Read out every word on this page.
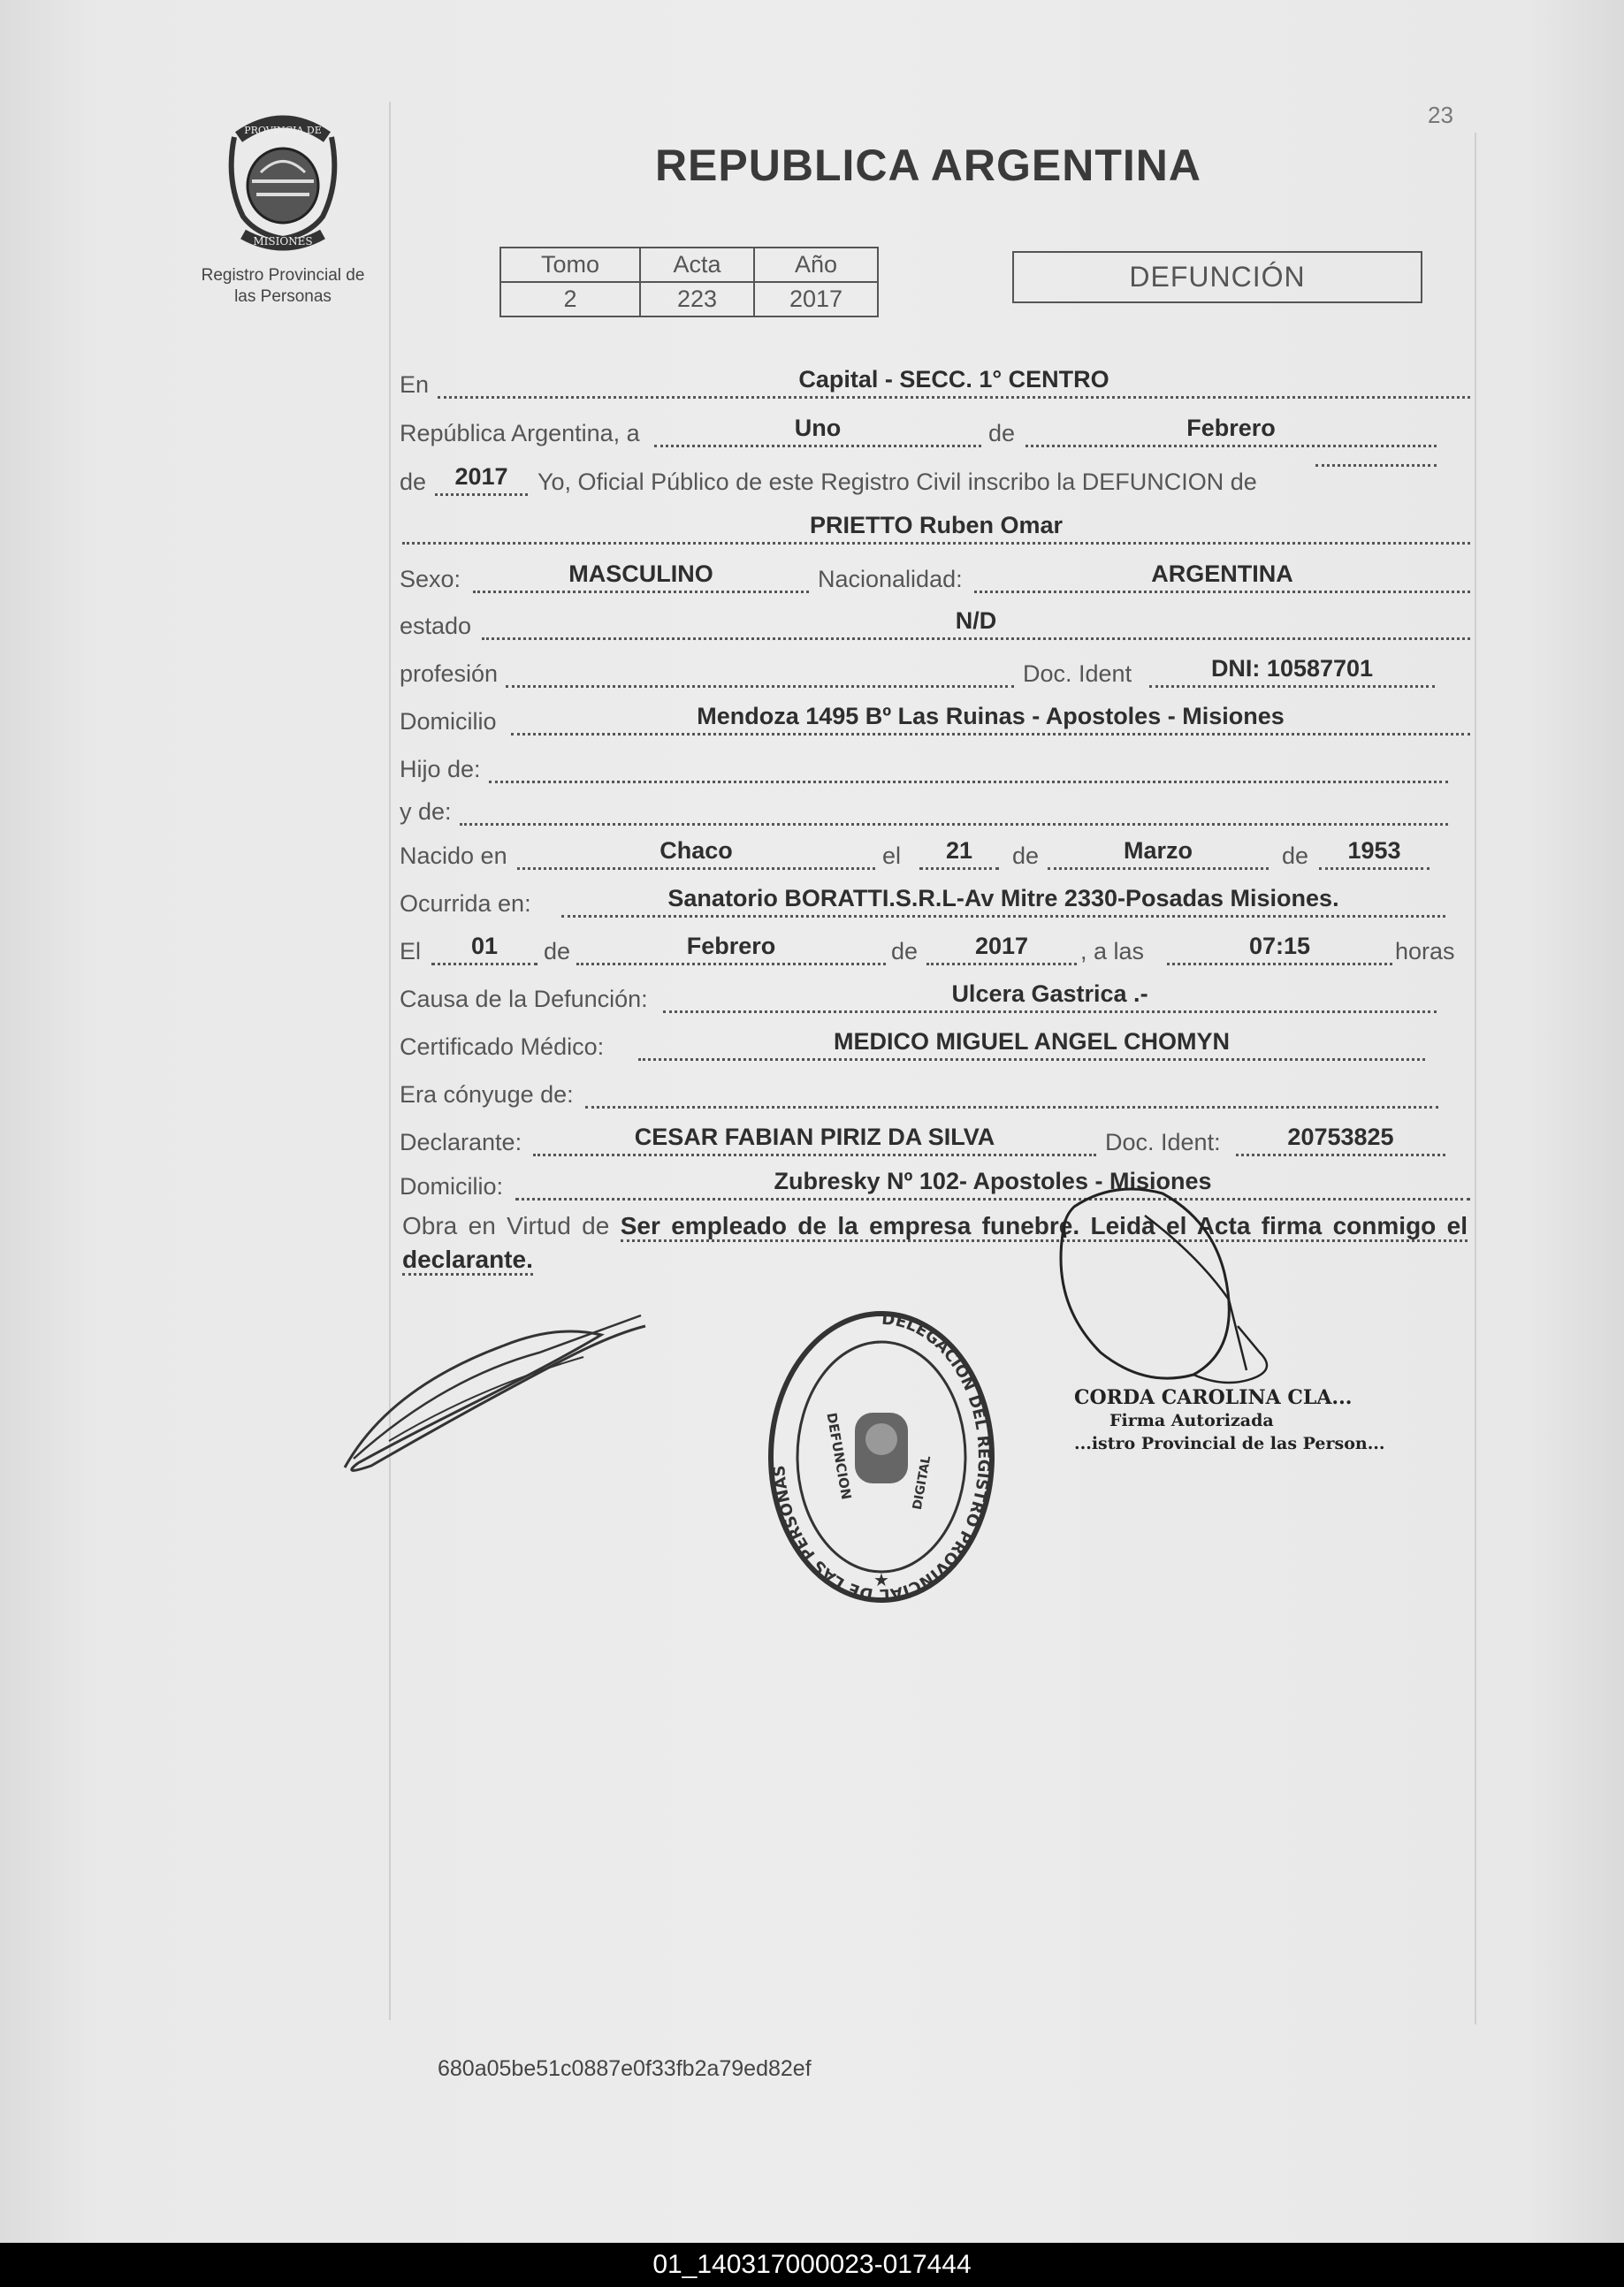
23
PROVINCIA DE
MISIONES
Registro Provincial de
las Personas
REPUBLICA ARGENTINA
Tomo	Acta	Año
2	223	2017
DEFUNCIÓN
En	Capital - SECC. 1° CENTRO
República Argentina, a	Uno	de	Febrero
de	2017	Yo, Oficial Público de este Registro Civil inscribo la DEFUNCION de
PRIETTO Ruben Omar
Sexo:	MASCULINO	Nacionalidad:	ARGENTINA
estado	N/D
profesión	Doc. Ident	DNI: 10587701
Domicilio	Mendoza 1495 Bº Las Ruinas - Apostoles - Misiones
Hijo de:
y de:
Nacido en	Chaco	el	21	de	Marzo	de	1953
Ocurrida en:	Sanatorio BORATTI.S.R.L-Av Mitre 2330-Posadas Misiones.
El	01	de	Febrero	de	2017	, a las	07:15	horas
Causa de la Defunción:	Ulcera Gastrica .-
Certificado Médico:	MEDICO MIGUEL ANGEL CHOMYN
Era cónyuge de:
Declarante:	CESAR FABIAN PIRIZ DA SILVA	Doc. Ident:	20753825
Domicilio:	Zubresky Nº 102- Apostoles - Misiones
Obra en Virtud de Ser empleado de la empresa funebre. Leida el Acta firma conmigo el declarante.
DELEGACION DEL REGISTRO PROVINCIAL DE LAS PERSONAS	DEFUNCION	DIGITAL
★
CORDA CAROLINA CLA...
Firma Autorizada
...istro Provincial de las Person...
680a05be51c0887e0f33fb2a79ed82ef
01_140317000023-017444
